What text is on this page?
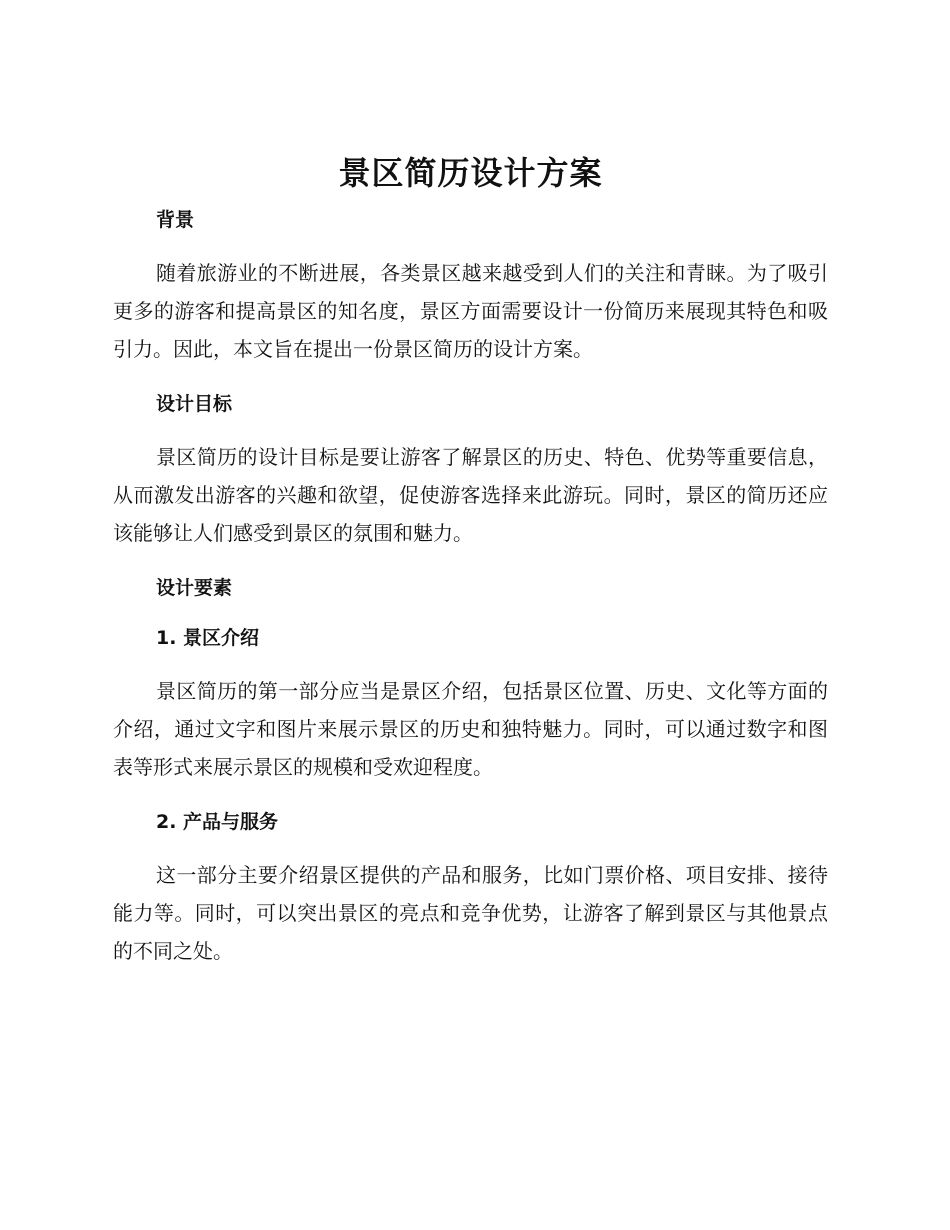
景区简历设计方案
背景

随着旅游业的不断进展，各类景区越来越受到人们的关注和青睐。为了吸引更多的游客和提高景区的知名度，景区方面需要设计一份简历来展现其特色和吸引力。因此，本文旨在提出一份景区简历的设计方案。

设计目标

景区简历的设计目标是要让游客了解景区的历史、特色、优势等重要信息，从而激发出游客的兴趣和欲望，促使游客选择来此游玩。同时，景区的简历还应该能够让人们感受到景区的氛围和魅力。

设计要素
1. 景区介绍

景区简历的第一部分应当是景区介绍，包括景区位置、历史、文化等方面的介绍，通过文字和图片来展示景区的历史和独特魅力。同时，可以通过数字和图表等形式来展示景区的规模和受欢迎程度。

2. 产品与服务

这一部分主要介绍景区提供的产品和服务，比如门票价格、项目安排、接待能力等。同时，可以突出景区的亮点和竞争优势，让游客了解到景区与其他景点的不同之处。
